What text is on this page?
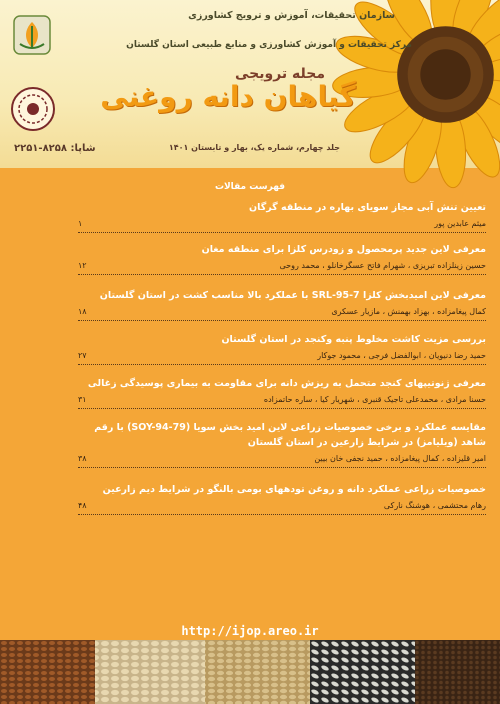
سازمان تحقیقات، آموزش و ترویج کشاورزی
مرکز تحقیقات و آموزش کشاورزی و منابع طبیعی استان گلستان
مجله ترویجی
گیاهان دانه روغنی
جلد چهارم، شماره یک، بهار و تابستان ۱۴۰۱
شاپا: ۸۲۵۸-۲۲۵۱
فهرست مقالات
تعیین تنش آبی مجاز سویای بهاره در منطقه گرگان
میثم عابدین پور
۱
معرفی لاین جدید پرمحصول و زودرس کلزا برای منطقه مغان
حسین زینلزاده تبریزی ، شهرام فاتح عسگرخانلو ، محمد روحی
۱۲
معرفی لاین امیدبخش کلزا SRL-95-7 با عملکرد بالا مناسب کشت در استان گلستان
کمال پیغامزاده ، بهزاد بهمنش ، مازیار عسکری
۱۸
بررسی مزیت کاشت مخلوط پنبه وکنجد در استان گلستان
حمید رضا دنیویان ، ابوالفضل فرجی ، محمود جوکار
۲۷
معرفی ژنوتیپهای کنجد متحمل به ریزش دانه برای مقاومت به بیماری پوسیدگی زغالی
حسنا مرادی ، محمدعلی تاجیک قنبری ، شهریار کیا ، ساره حاتمزاده
۳۱
مقایسه عملکرد و برخی خصوصیات زراعی لاین امید بخش سویا (SOY-94-79) با رقم شاهد (ویلیامز) در شرایط زارعین در استان گلستان
امیر قلیزاده ، کمال پیغامزاده ، حمید نجفی خان بیین
۳۸
خصوصیات زراعی عملکرد دانه و روغن تودههای بومی بالنگو در شرایط دیم زارعین
رهام محتشمی ، هوشنگ نارکی
۴۸
http://ijop.areo.ir
